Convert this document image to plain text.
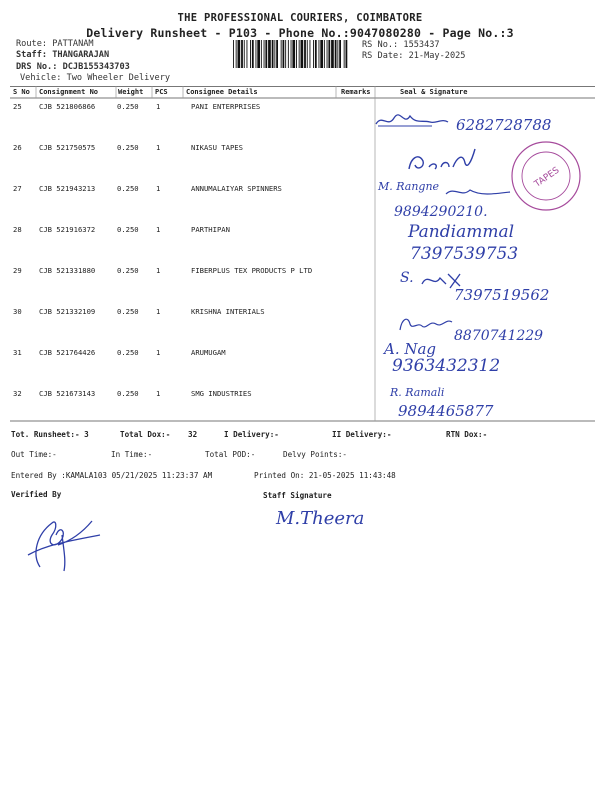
THE PROFESSIONAL COURIERS, COIMBATORE
Delivery Runsheet - P103 - Phone No.:9047080280 - Page No.:3
Route: PATTANAM
Staff: THANGARAJAN
DRS No.: DCJB155343703
Vehicle: Two Wheeler Delivery
RS No.: 1553437
RS Date: 21-May-2025
S No Consignment No	Weight PCS	Consignee Details	Remarks	Seal & Signature
25 CJB 521806866	0.250 1	PANI ENTERPRISES
26 CJB 521750575	0.250 1	NIKASU TAPES
27 CJB 521943213	0.250 1	ANNUMALAIYAR SPINNERS
28 CJB 521916372	0.250 1	PARTHIPAN
29 CJB 521331880	0.250 1	FIBERPLUS TEX PRODUCTS P LTD
30 CJB 521332109	0.250 1	KRISHNA INTERIALS
31 CJB 521764426	0.250 1	ARUMUGAM
32 CJB 521673143	0.250 1	SMG INDUSTRIES
6282728788
M. Rangne
9894290210.
Pandiammal
7397539753
S.
7397519562
8870741229
A. Nag
9363432312
R. Ramali
9894465877
TAPES
Tot. Runsheet:- 3	Total Dox:- 32	I Delivery:-	II Delivery:-	RTN Dox:-
Out Time:-	In Time:-	Total POD:-	Delvy Points:-
Entered By :KAMALA103 05/21/2025 11:23:37 AM	Printed On: 21-05-2025 11:43:48
Verified By	Staff Signature
M.Theera
